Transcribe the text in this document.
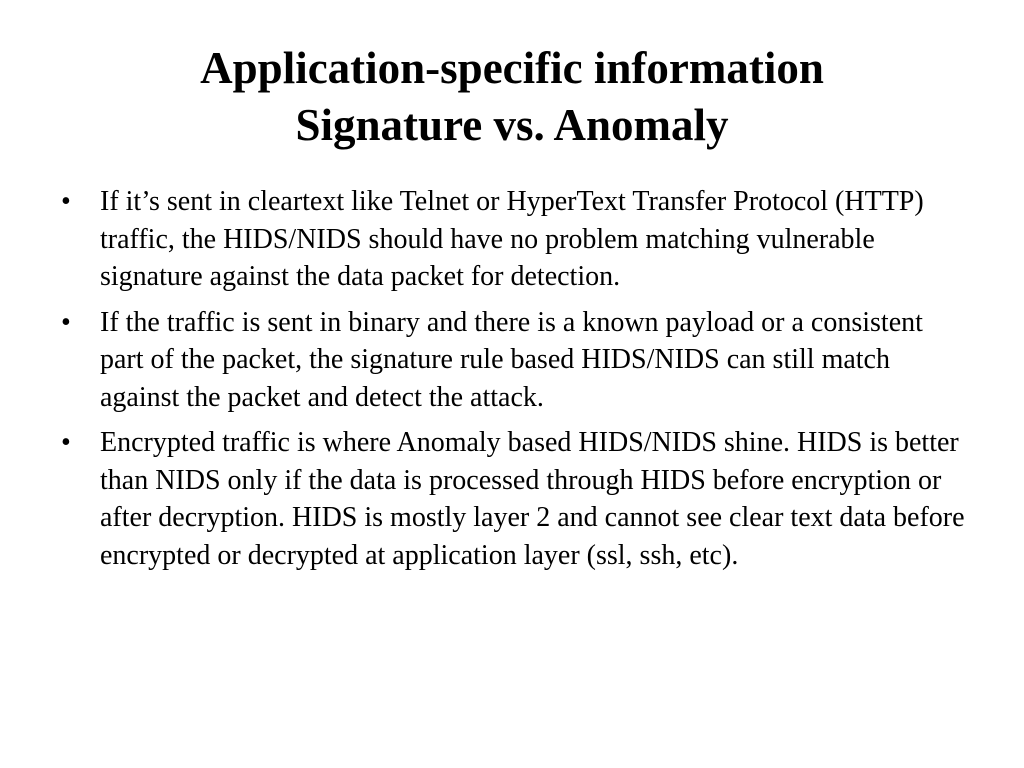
Application-specific information
Signature vs. Anomaly
• If it’s sent in cleartext like Telnet or HyperText Transfer Protocol (HTTP) traffic, the HIDS/NIDS should have no problem matching vulnerable signature against the data packet for detection.
• If the traffic is sent in binary and there is a known payload or a consistent part of the packet, the signature rule based HIDS/NIDS can still match against the packet and detect the attack.
• Encrypted traffic is where Anomaly based HIDS/NIDS shine. HIDS is better than NIDS only if the data is processed through HIDS before encryption or after decryption. HIDS is mostly layer 2 and cannot see clear text data before encrypted or decrypted at application layer (ssl, ssh, etc).
